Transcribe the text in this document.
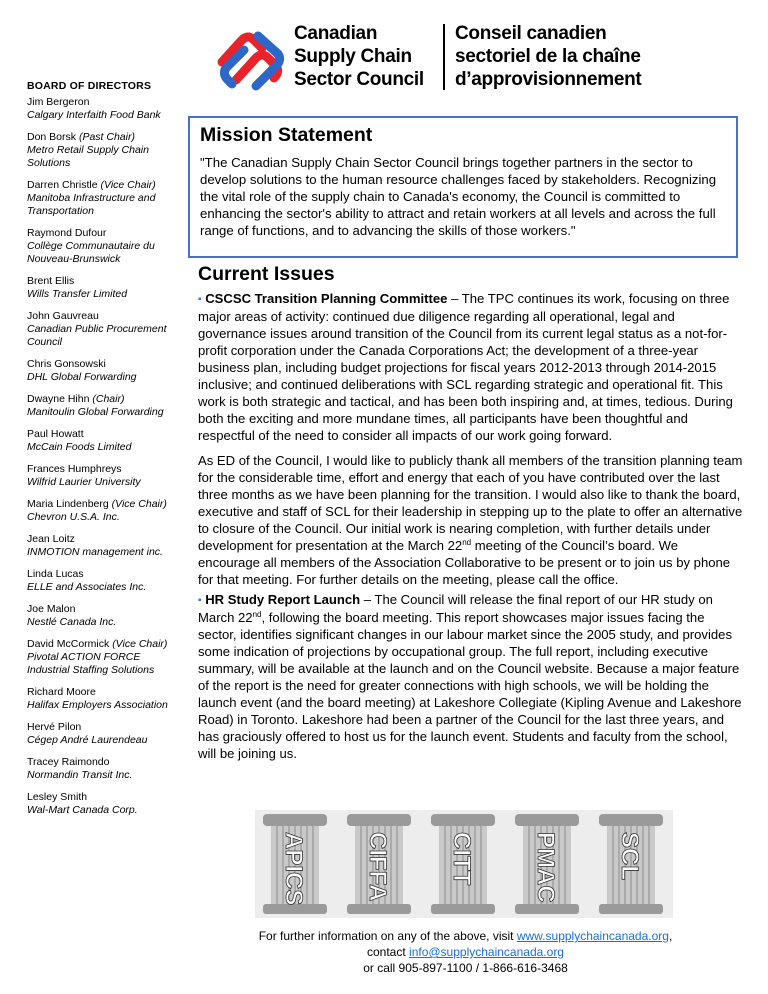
Canadian
Supply Chain
Sector Council
Conseil canadien
sectoriel de la chaîne
d’approvisionnement
BOARD OF DIRECTORS
Jim Bergeron
Calgary Interfaith Food Bank
Don Borsk (Past Chair)
Metro Retail Supply Chain Solutions
Darren Christle (Vice Chair)
Manitoba Infrastructure and Transportation
Raymond Dufour
Collège Communautaire du Nouveau-Brunswick
Brent Ellis
Wills Transfer Limited
John Gauvreau
Canadian Public Procurement Council
Chris Gonsowski
DHL Global Forwarding
Dwayne Hihn (Chair)
Manitoulin Global Forwarding
Paul Howatt
McCain Foods Limited
Frances Humphreys
Wilfrid Laurier University
Maria Lindenberg (Vice Chair)
Chevron U.S.A. Inc.
Jean Loitz
INMOTION management inc.
Linda Lucas
ELLE and Associates Inc.
Joe Malon
Nestlé Canada Inc.
David McCormick (Vice Chair)
Pivotal ACTION FORCE Industrial Staffing Solutions
Richard Moore
Halifax Employers Association
Hervé Pilon
Cégep André Laurendeau
Tracey Raimondo
Normandin Transit Inc.
Lesley Smith
Wal-Mart Canada Corp.
Mission Statement

"The Canadian Supply Chain Sector Council brings together partners in the sector to develop solutions to the human resource challenges faced by stakeholders. Recognizing the vital role of the supply chain to Canada's economy, the Council is committed to enhancing the sector's ability to attract and retain workers at all levels and across the full range of functions, and to advancing the skills of those workers."

Current Issues

▪ CSCSC Transition Planning Committee – The TPC continues its work, focusing on three major areas of activity: continued due diligence regarding all operational, legal and governance issues around transition of the Council from its current legal status as a not-for-profit corporation under the Canada Corporations Act; the development of a three-year business plan, including budget projections for fiscal years 2012-2013 through 2014-2015 inclusive; and continued deliberations with SCL regarding strategic and operational fit. This work is both strategic and tactical, and has been both inspiring and, at times, tedious. During both the exciting and more mundane times, all participants have been thoughtful and respectful of the need to consider all impacts of our work going forward.

As ED of the Council, I would like to publicly thank all members of the transition planning team for the considerable time, effort and energy that each of you have contributed over the last three months as we have been planning for the transition. I would also like to thank the board, executive and staff of SCL for their leadership in stepping up to the plate to offer an alternative to closure of the Council. Our initial work is nearing completion, with further details under development for presentation at the March 22nd meeting of the Council’s board. We encourage all members of the Association Collaborative to be present or to join us by phone for that meeting. For further details on the meeting, please call the office.

▪ HR Study Report Launch – The Council will release the final report of our HR study on March 22nd, following the board meeting. This report showcases major issues facing the sector, identifies significant changes in our labour market since the 2005 study, and provides some indication of projections by occupational group. The full report, including executive summary, will be available at the launch and on the Council website. Because a major feature of the report is the need for greater connections with high schools, we will be holding the launch event (and the board meeting) at Lakeshore Collegiate (Kipling Avenue and Lakeshore Road) in Toronto. Lakeshore had been a partner of the Council for the last three years, and has graciously offered to host us for the launch event. Students and faculty from the school, will be joining us.

APICS CIFFA CITT PMAC SCL
For further information on any of the above, visit www.supplychaincanada.org,
contact info@supplychaincanada.org
or call 905-897-1100 / 1-866-616-3468
